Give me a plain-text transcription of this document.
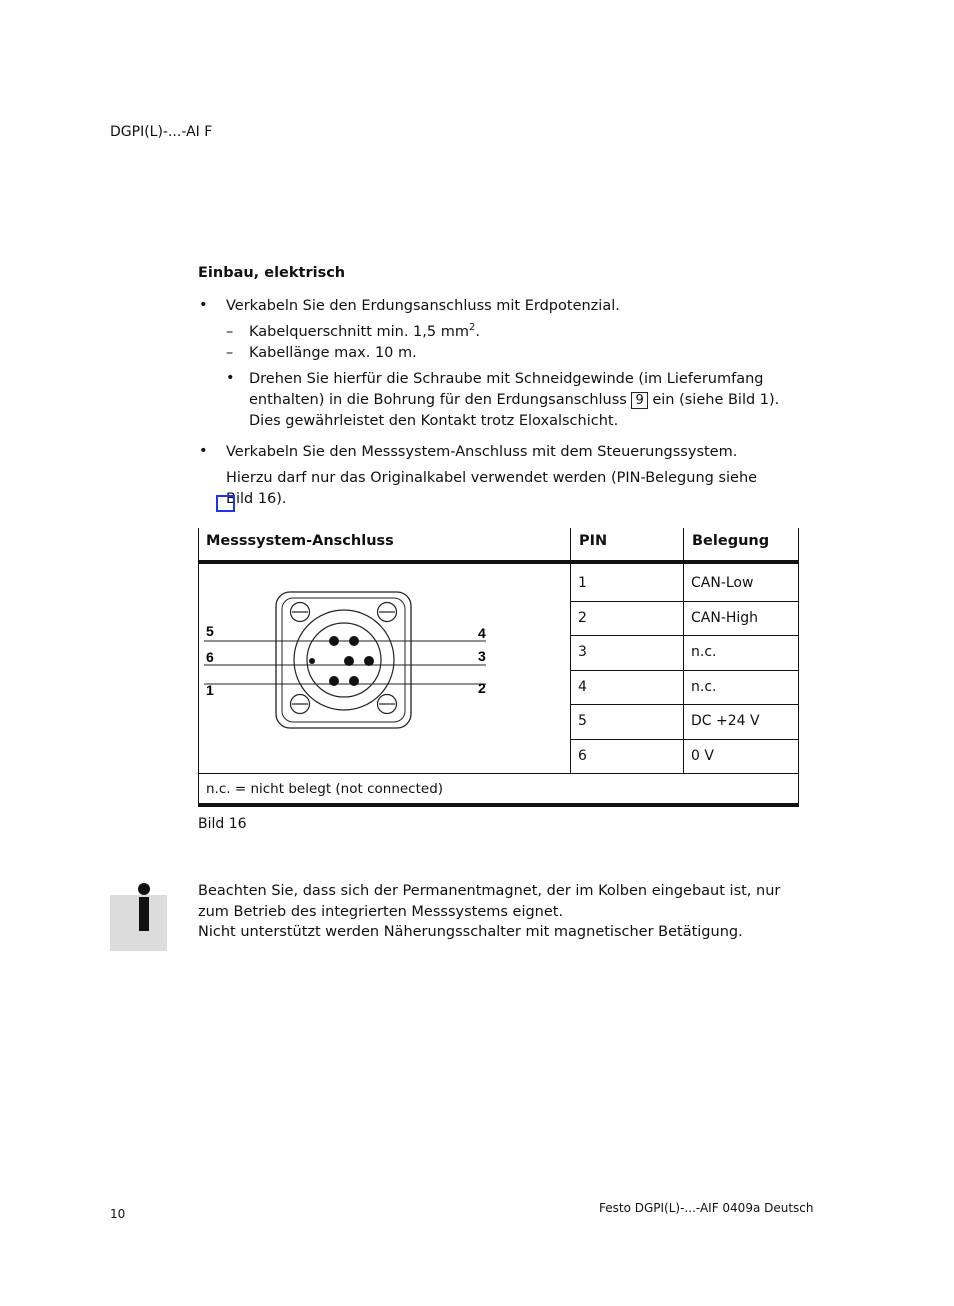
DGPI(L)-...-AI F
Einbau, elektrisch
• Verkabeln Sie den Erdungsanschluss mit Erdpotenzial.
– Kabelquerschnitt min. 1,5 $mm^2$.
– Kabellänge max. 10 m.
• Drehen Sie hierfür die Schraube mit Schneidgewinde (im Lieferumfang
enthalten) in die Bohrung für den Erdungsanschluss 9 ein (siehe Bild 1).
Dies gewährleistet den Kontakt trotz Eloxalschicht.
• Verkabeln Sie den Messsystem-Anschluss mit dem Steuerungssystem.
Hierzu darf nur das Originalkabel verwendet werden (PIN-Belegung siehe
Bild 16).
Messsystem-Anschluss	PIN	Belegung
1	CAN-Low
2	CAN-High
3	n.c.
4	n.c.
5	DC +24 V
6	0 V
n.c. = nicht belegt (not connected)
5
6
1
4
3
2
Bild 16
Beachten Sie, dass sich der Permanentmagnet, der im Kolben eingebaut ist, nur
zum Betrieb des integrierten Messsystems eignet.
Nicht unterstützt werden Näherungsschalter mit magnetischer Betätigung.
10	Festo DGPI(L)-...-AIF 0409a Deutsch
